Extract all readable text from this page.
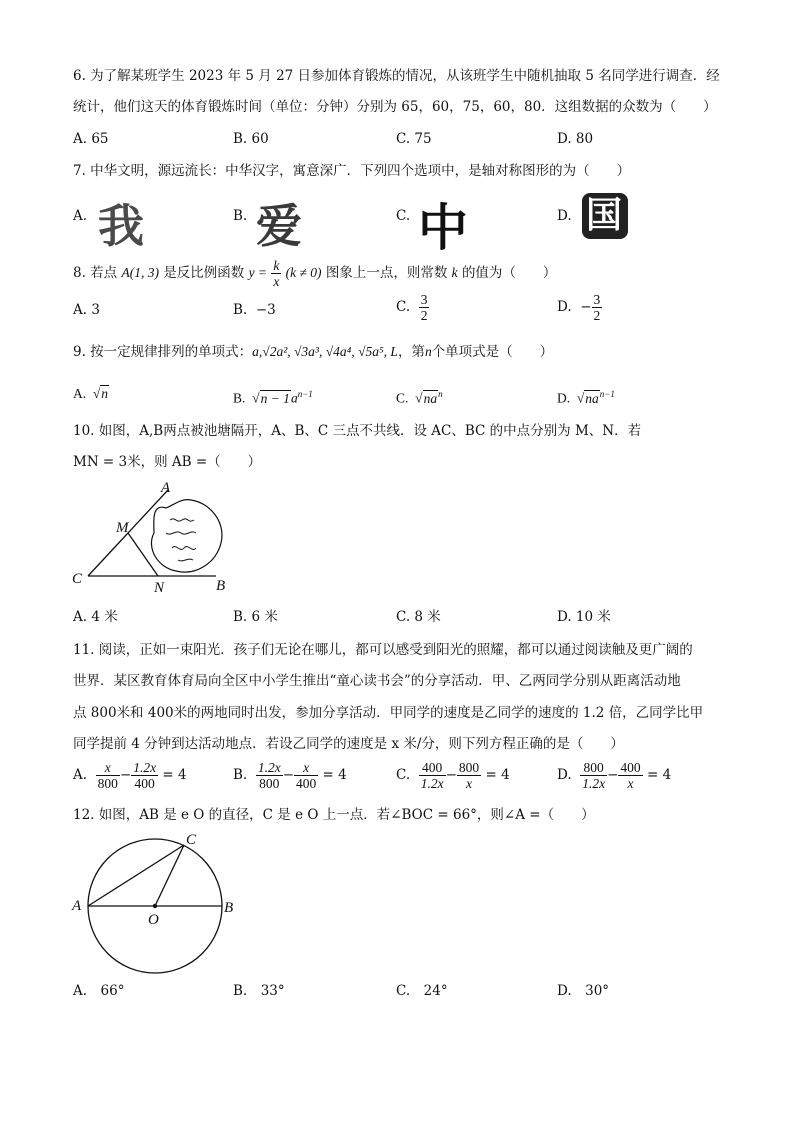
6. 为了解某班学生 2023 年 5 月 27 日参加体育锻炼的情况，从该班学生中随机抽取 5 名同学进行调查．经
统计，他们这天的体育锻炼时间（单位：分钟）分别为 65，60，75，60，80．这组数据的众数为（　　）
A. 65	B. 60	C. 75	D. 80
7. 中华文明，源远流长：中华汉字，寓意深广．下列四个选项中，是轴对称图形的为（　　）
A. 我	B. 爱	C. 中	D. 国
8. 若点 A(1, 3) 是反比例函数 $y = \frac{k}{x} (k \ne 0)$ 图象上一点，则常数 k 的值为（　　）
A. 3	B. −3	C. $\frac{3}{2}$	D. − $\frac{3}{2}$
9. 按一定规律排列的单项式：a,√2a², √3a³, √4a⁴, √5a⁵, L，第n个单项式是（　　）
A.  √n	B.  $√n - 1a^{n-1}$	C.  $√na^n$	D.  $√na^{n-1}$
10. 如图，A,B两点被池塘隔开，A、B、C 三点不共线．设 AC、BC 的中点分别为 M、N．若
MN = 3米，则 AB =（　　）
A
M
C
N	B
A. 4 米	B. 6 米	C. 8 米	D. 10 米
11. 阅读，正如一束阳光．孩子们无论在哪儿，都可以感受到阳光的照耀，都可以通过阅读触及更广阔的
世界．某区教育体育局向全区中小学生推出“童心读书会”的分享活动．甲、乙两同学分别从距离活动地
点 800米和 400米的两地同时出发，参加分享活动．甲同学的速度是乙同学的速度的 1.2 倍，乙同学比甲
同学提前 4 分钟到达活动地点．若设乙同学的速度是 x 米/分，则下列方程正确的是（　　）
A. $\frac{x}{800} - \frac{1.2x}{400} = 4$	B. $\frac{1.2x}{800} - \frac{x}{400} = 4$	C. $\frac{400}{1.2x} - \frac{800}{x} = 4$	D. $\frac{800}{1.2x} - \frac{400}{x} = 4$
12. 如图，AB 是 e O 的直径，C 是 e O 上一点．若∠BOC = 66°，则∠A =（　　）
C
A	B
O
A.　66°	B.　33°	C.　24°	D.　30°
